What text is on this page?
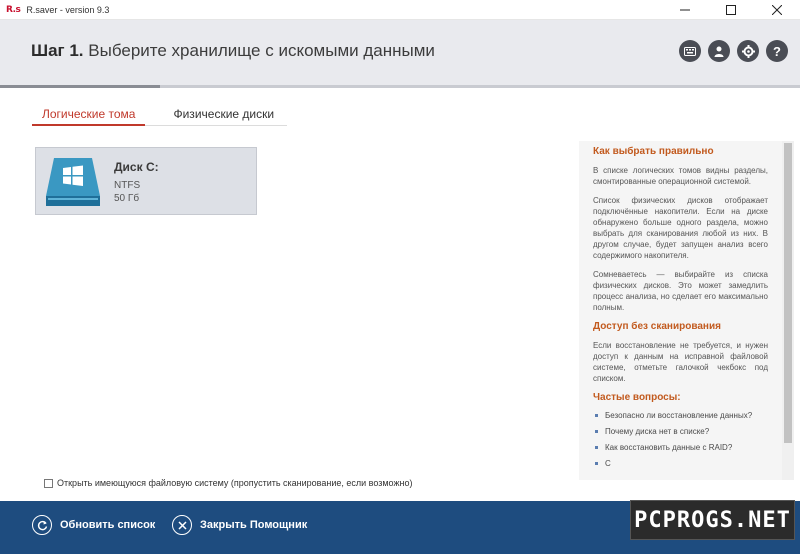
R.s R.saver - version 9.3
Шаг 1. Выберите хранилище с искомыми данными	?
Логические тома	Физические диски
Диск C:
NTFS
50 Гб
Открыть имеющуюся файловую систему (пропустить сканирование, если возможно)
Как выбрать правильно

В списке логических томов видны разделы, смонтированные операционной системой.

Список физических дисков отображает подключённые накопители. Если на диске обнаружено больше одного раздела, можно выбрать для сканирования любой из них. В другом случае, будет запущен анализ всего содержимого накопителя.

Сомневаетесь — выбирайте из списка физических дисков. Это может замедлить процесс анализа, но сделает его максимально полным.

Доступ без сканирования

Если восстановление не требуется, и нужен доступ к данным на исправной файловой системе, отметьте галочкой чекбокс под списком.

Частые вопросы:
Безопасно ли восстановление данных?
Почему диска нет в списке?
Как восстановить данные с RAID?
С
Обновить список	Закрыть Помощник	PCPROGS.NET
